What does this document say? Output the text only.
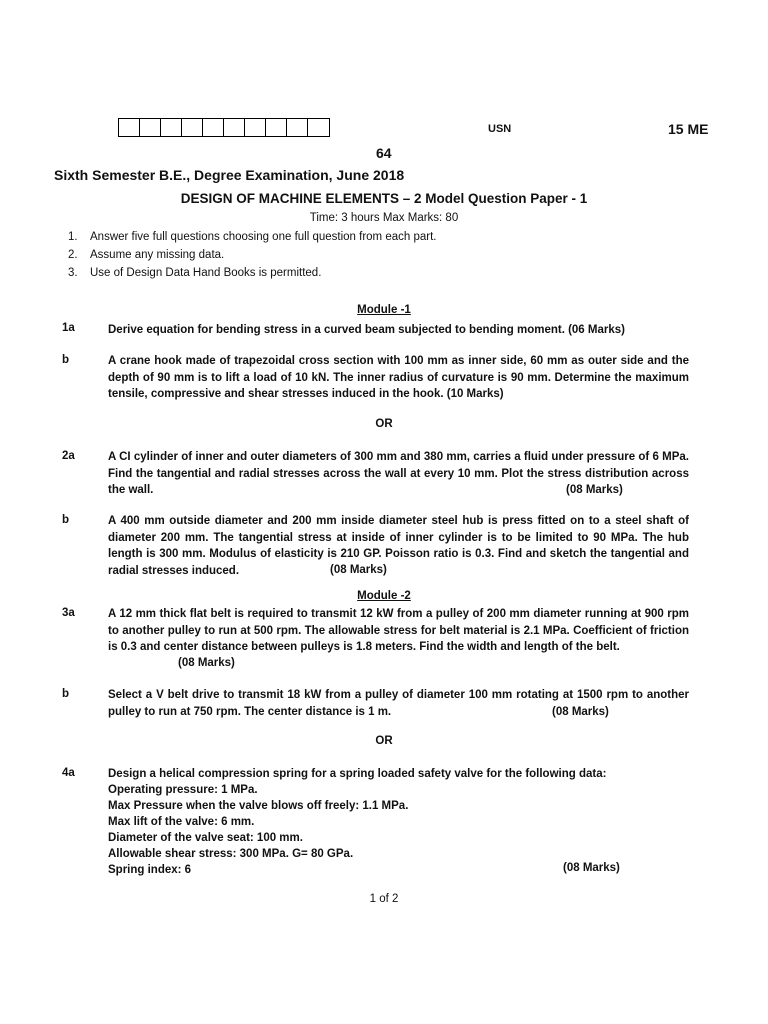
USN	15 ME
64
Sixth Semester B.E., Degree Examination, June 2018
DESIGN OF MACHINE ELEMENTS – 2 Model Question Paper - 1
Time: 3 hours Max Marks: 80
1. Answer five full questions choosing one full question from each part.
2. Assume any missing data.
3. Use of Design Data Hand Books is permitted.
Module -1
1a	Derive equation for bending stress in a curved beam subjected to bending moment. (06 Marks)
b	A crane hook made of trapezoidal cross section with 100 mm as inner side, 60 mm as outer side and the depth of 90 mm is to lift a load of 10 kN. The inner radius of curvature is 90 mm. Determine the maximum tensile, compressive and shear stresses induced in the hook. (10 Marks)
OR
2a	A CI cylinder of inner and outer diameters of 300 mm and 380 mm, carries a fluid under pressure of 6 MPa. Find the tangential and radial stresses across the wall at every 10 mm. Plot the stress distribution across the wall.	(08 Marks)
b	A 400 mm outside diameter and 200 mm inside diameter steel hub is press fitted on to a steel shaft of diameter 200 mm. The tangential stress at inside of inner cylinder is to be limited to 90 MPa. The hub length is 300 mm. Modulus of elasticity is 210 GP. Poisson ratio is 0.3. Find and sketch the tangential and radial stresses induced.	(08 Marks)
Module -2
3a	A 12 mm thick flat belt is required to transmit 12 kW from a pulley of 200 mm diameter running at 900 rpm to another pulley to run at 500 rpm. The allowable stress for belt material is 2.1 MPa. Coefficient of friction is 0.3 and center distance between pulleys is 1.8 meters. Find the width and length of the belt.
(08 Marks)
b	Select a V belt drive to transmit 18 kW from a pulley of diameter 100 mm rotating at 1500 rpm to another pulley to run at 750 rpm. The center distance is 1 m.	(08 Marks)
OR
4a	Design a helical compression spring for a spring loaded safety valve for the following data:
Operating pressure: 1 MPa.
Max Pressure when the valve blows off freely: 1.1 MPa.
Max lift of the valve: 6 mm.
Diameter of the valve seat: 100 mm.
Allowable shear stress: 300 MPa. G= 80 GPa.
Spring index: 6	(08 Marks)
1 of 2
